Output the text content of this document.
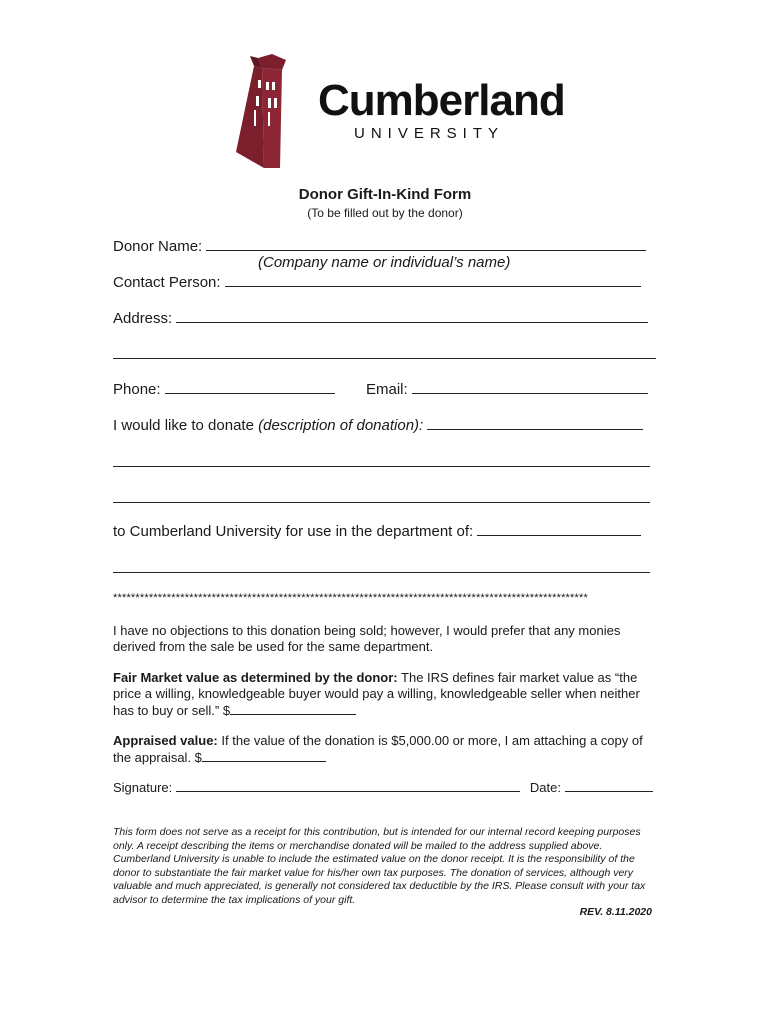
Cumberland
UNIVERSITY
Donor Gift-In-Kind Form
(To be filled out by the donor)
Donor Name:
(Company name or individual’s name)
Contact Person:
Address:
Phone:	Email:
I would like to donate (description of donation):
to Cumberland University for use in the department of:
**********************************************************************************************************
I have no objections to this donation being sold; however, I would prefer that any monies derived from the sale be used for the same department.
Fair Market value as determined by the donor: The IRS defines fair market value as “the price a willing, knowledgeable buyer would pay a willing, knowledgeable seller when neither has to buy or sell.” $
Appraised value: If the value of the donation is $5,000.00 or more, I am attaching a copy of the appraisal. $
Signature:	Date:
This form does not serve as a receipt for this contribution, but is intended for our internal record keeping purposes only. A receipt describing the items or merchandise donated will be mailed to the address supplied above. Cumberland University is unable to include the estimated value on the donor receipt. It is the responsibility of the donor to substantiate the fair market value for his/her own tax purposes. The donation of services, although very valuable and much appreciated, is generally not considered tax deductible by the IRS. Please consult with your tax advisor to determine the tax implications of your gift.
REV. 8.11.2020
